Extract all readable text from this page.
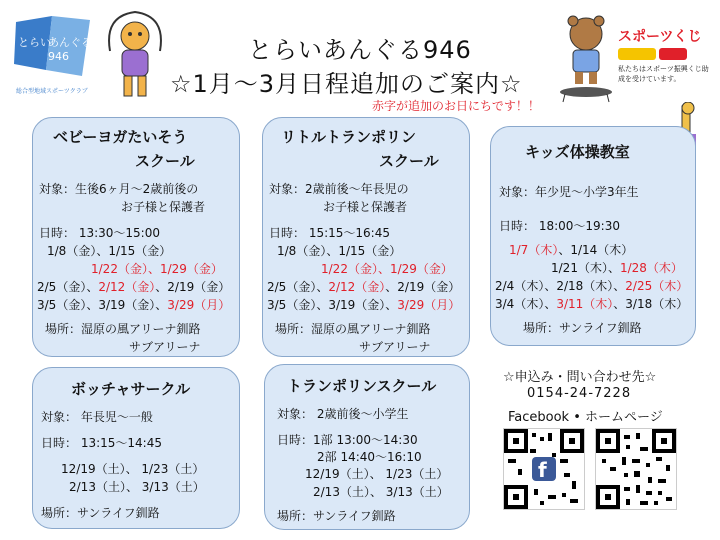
とらい
あんぐる
946
総合型地域スポーツクラブ
とらいあんぐる946
☆1月〜3月日程追加のご案内☆
赤字が追加のお日にちです！！
スポーツくじ
私たちはスポーツ振興くじ助成を受けています。
ベビーヨガたいそう
スクール
対象：生後6ヶ月〜2歳前後の
お子様と保護者
日時： 13:30〜15:00
1/8（金）、1/15（金）
1/22（金）、1/29（金）
2/5（金）、2/12（金）、2/19（金）
3/5（金）、3/19（金）、3/29（月）
場所：湿原の風アリーナ釧路
サブアリーナ
リトルトランポリン
スクール
対象：2歳前後〜年長児の
お子様と保護者
日時： 15:15〜16:45
1/8（金）、1/15（金）
1/22（金）、1/29（金）
2/5（金）、2/12（金）、2/19（金）
3/5（金）、3/19（金）、3/29（月）
場所：湿原の風アリーナ釧路
サブアリーナ
キッズ体操教室
対象：年少児〜小学3年生
日時： 18:00〜19:30
1/7（木）、1/14（木）
1/21（木）、1/28（木）
2/4（木）、2/18（木）、2/25（木）
3/4（木）、3/11（木）、3/18（木）
場所：サンライフ釧路
ボッチャサークル
対象： 年長児〜一般
日時： 13:15〜14:45
12/19（土）、 1/23（土）
2/13（土）、 3/13（土）
場所：サンライフ釧路
トランポリンスクール
対象： 2歳前後〜小学生
日時：1部 13:00〜14:30
2部 14:40〜16:10
12/19（土）、 1/23（土）
2/13（土）、 3/13（土）
場所：サンライフ釧路
☆申込み・問い合わせ先☆
0154-24-7228
Facebook • ホームページ
f
